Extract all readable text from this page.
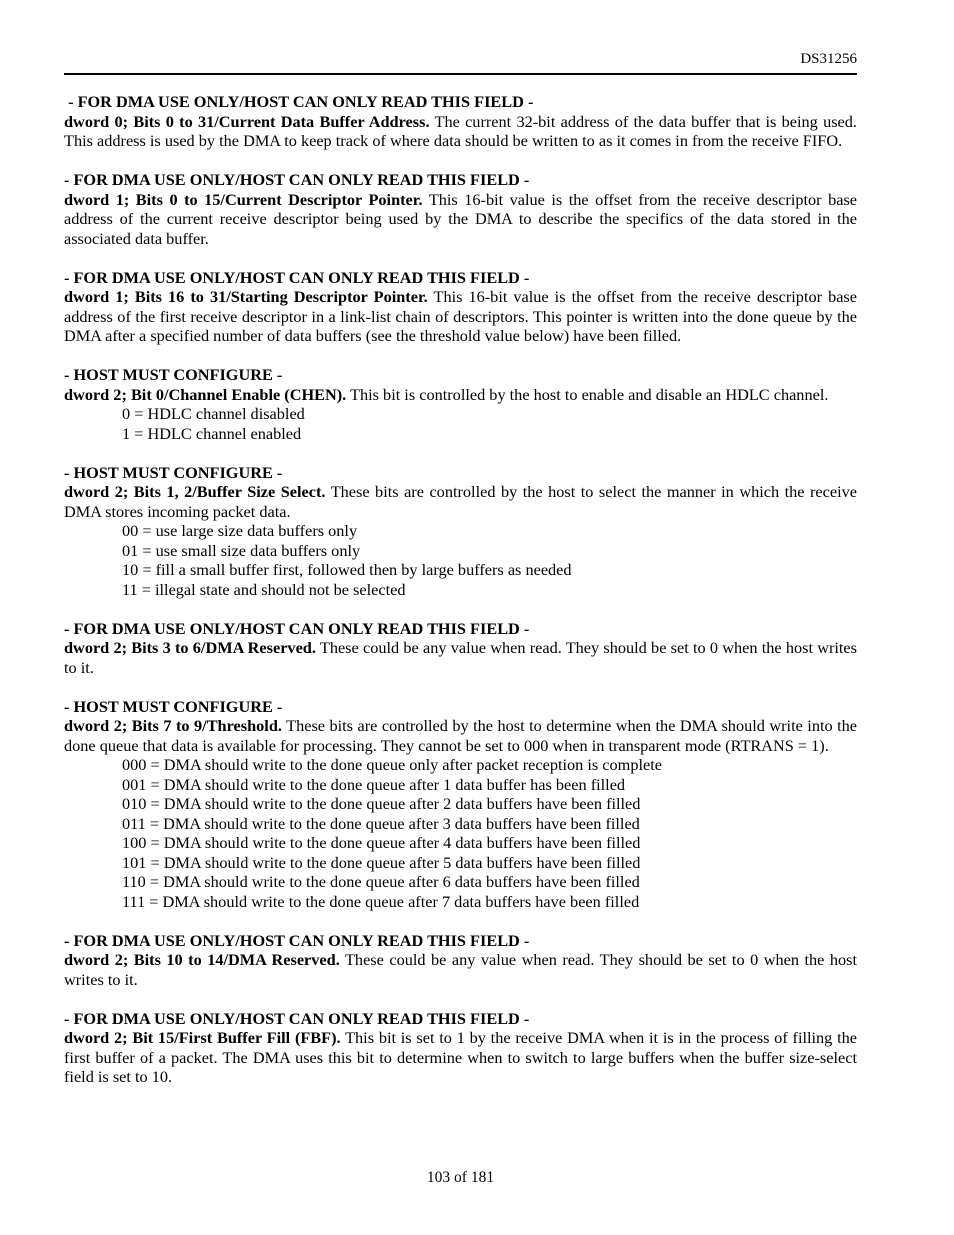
DS31256

- FOR DMA USE ONLY/HOST CAN ONLY READ THIS FIELD -

dword 0; Bits 0 to 31/Current Data Buffer Address. The current 32-bit address of the data buffer that is being used. This address is used by the DMA to keep track of where data should be written to as it comes in from the receive FIFO.

- FOR DMA USE ONLY/HOST CAN ONLY READ THIS FIELD -

dword 1; Bits 0 to 15/Current Descriptor Pointer. This 16-bit value is the offset from the receive descriptor base address of the current receive descriptor being used by the DMA to describe the specifics of the data stored in the associated data buffer.

- FOR DMA USE ONLY/HOST CAN ONLY READ THIS FIELD -

dword 1; Bits 16 to 31/Starting Descriptor Pointer. This 16-bit value is the offset from the receive descriptor base address of the first receive descriptor in a link-list chain of descriptors. This pointer is written into the done queue by the DMA after a specified number of data buffers (see the threshold value below) have been filled.

- HOST MUST CONFIGURE -

dword 2; Bit 0/Channel Enable (CHEN). This bit is controlled by the host to enable and disable an HDLC channel.

0 = HDLC channel disabled
1 = HDLC channel enabled

- HOST MUST CONFIGURE -

dword 2; Bits 1, 2/Buffer Size Select. These bits are controlled by the host to select the manner in which the receive DMA stores incoming packet data.

00 = use large size data buffers only
01 = use small size data buffers only
10 = fill a small buffer first, followed then by large buffers as needed
11 = illegal state and should not be selected

- FOR DMA USE ONLY/HOST CAN ONLY READ THIS FIELD -

dword 2; Bits 3 to 6/DMA Reserved. These could be any value when read. They should be set to 0 when the host writes to it.

- HOST MUST CONFIGURE -

dword 2; Bits 7 to 9/Threshold. These bits are controlled by the host to determine when the DMA should write into the done queue that data is available for processing. They cannot be set to 000 when in transparent mode (RTRANS = 1).

000 = DMA should write to the done queue only after packet reception is complete
001 = DMA should write to the done queue after 1 data buffer has been filled
010 = DMA should write to the done queue after 2 data buffers have been filled
011 = DMA should write to the done queue after 3 data buffers have been filled
100 = DMA should write to the done queue after 4 data buffers have been filled
101 = DMA should write to the done queue after 5 data buffers have been filled
110 = DMA should write to the done queue after 6 data buffers have been filled
111 = DMA should write to the done queue after 7 data buffers have been filled

- FOR DMA USE ONLY/HOST CAN ONLY READ THIS FIELD -

dword 2; Bits 10 to 14/DMA Reserved. These could be any value when read. They should be set to 0 when the host writes to it.

- FOR DMA USE ONLY/HOST CAN ONLY READ THIS FIELD -

dword 2; Bit 15/First Buffer Fill (FBF). This bit is set to 1 by the receive DMA when it is in the process of filling the first buffer of a packet. The DMA uses this bit to determine when to switch to large buffers when the buffer size-select field is set to 10.

103 of 181
